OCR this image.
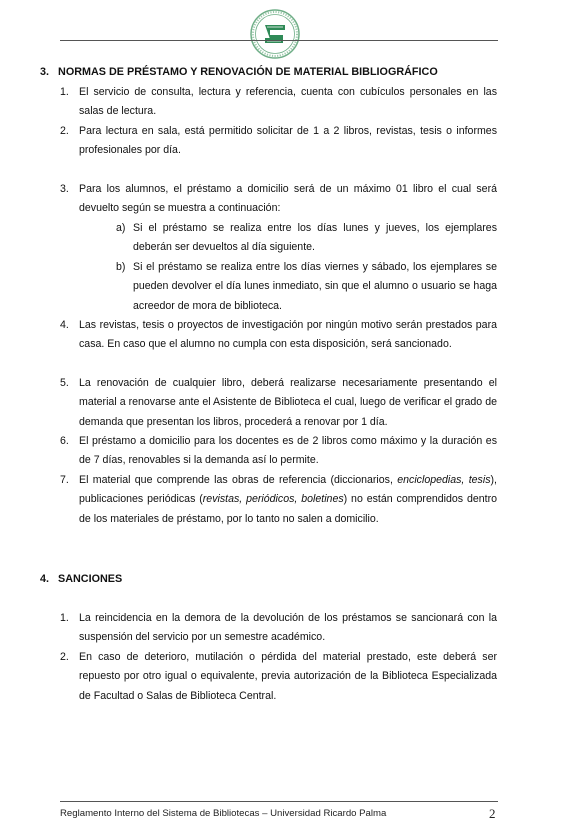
3. NORMAS DE PRÉSTAMO Y RENOVACIÓN DE MATERIAL BIBLIOGRÁFICO
1. El servicio de consulta, lectura y referencia, cuenta con cubículos personales en las salas de lectura.
2. Para lectura en sala, está permitido solicitar de 1 a 2 libros, revistas, tesis o informes profesionales por día.
3. Para los alumnos, el préstamo a domicilio será de un máximo 01 libro el cual será devuelto según se muestra a continuación:
a) Si el préstamo se realiza entre los días lunes y jueves, los ejemplares deberán ser devueltos al día siguiente.
b) Si el préstamo se realiza entre los días viernes y sábado, los ejemplares se pueden devolver el día lunes inmediato, sin que el alumno o usuario se haga acreedor de mora de biblioteca.
4. Las revistas, tesis o proyectos de investigación por ningún motivo serán prestados para casa. En caso que el alumno no cumpla con esta disposición, será sancionado.
5. La renovación de cualquier libro, deberá realizarse necesariamente presentando el material a renovarse ante el Asistente de Biblioteca el cual, luego de verificar el grado de demanda que presentan los libros, procederá a renovar por 1 día.
6. El préstamo a domicilio para los docentes es de 2 libros como máximo y la duración es de 7 días, renovables si la demanda así lo permite.
7. El material que comprende las obras de referencia (diccionarios, enciclopedias, tesis), publicaciones periódicas (revistas, periódicos, boletines) no están comprendidos dentro de los materiales de préstamo, por lo tanto no salen a domicilio.
4. SANCIONES
1. La reincidencia en la demora de la devolución de los préstamos se sancionará con la suspensión del servicio por un semestre académico.
2. En caso de deterioro, mutilación o pérdida del material prestado, este deberá ser repuesto por otro igual o equivalente, previa autorización de la Biblioteca Especializada de Facultad o Salas de Biblioteca Central.
Reglamento Interno del Sistema de Bibliotecas – Universidad Ricardo Palma	2
